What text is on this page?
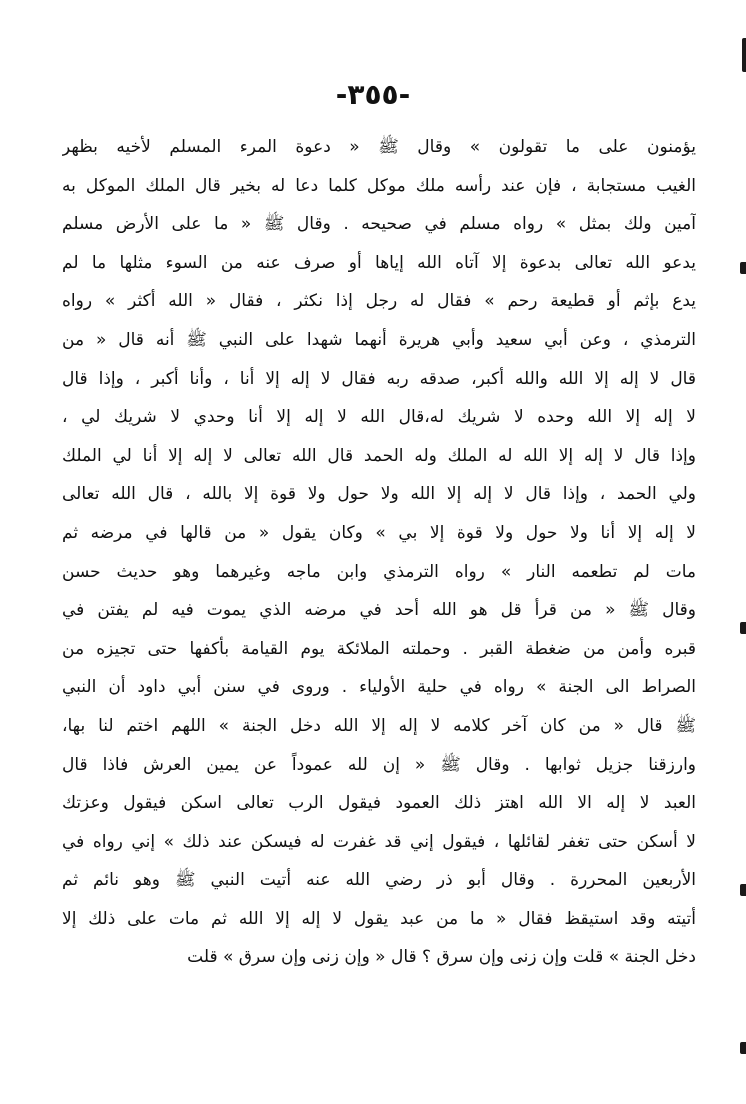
-٣٥٥-
يؤمنون على ما تقولون » وقال ﷺ « دعوة المرء المسلم لأخيه بظهر
الغيب مستجابة ، فإن عند رأسه ملك موكل كلما دعا له بخير قال الملك الموكل به
آمين ولك بمثل » رواه مسلم في صحيحه . وقال ﷺ « ما على الأرض مسلم
يدعو الله تعالى بدعوة إلا آتاه الله إياها أو صرف عنه من السوء مثلها ما لم
يدع بإثم أو قطيعة رحم » فقال له رجل إذا نكثر ، فقال « الله أكثر » رواه
الترمذي ، وعن أبي سعيد وأبي هريرة أنهما شهدا على النبي ﷺ أنه قال « من
قال لا إله إلا الله والله أكبر، صدقه ربه فقال لا إله إلا أنا ، وأنا أكبر ، وإذا قال
لا إله إلا الله وحده لا شريك له،قال الله لا إله إلا أنا وحدي لا شريك لي ،
وإذا قال لا إله إلا الله له الملك وله الحمد قال الله تعالى لا إله إلا أنا لي الملك
ولي الحمد ، وإذا قال لا إله إلا الله ولا حول ولا قوة إلا بالله ، قال الله تعالى
لا إله إلا أنا ولا حول ولا قوة إلا بي » وكان يقول « من قالها في مرضه ثم
مات لم تطعمه النار » رواه الترمذي وابن ماجه وغيرهما وهو حديث حسن
وقال ﷺ « من قرأ قل هو الله أحد في مرضه الذي يموت فيه لم يفتن في
قبره وأمن من ضغطة القبر . وحملته الملائكة يوم القيامة بأكفها حتى تجيزه من
الصراط الى الجنة » رواه في حلية الأولياء . وروى في سنن أبي داود أن النبي
ﷺ قال « من كان آخر كلامه لا إله إلا الله دخل الجنة » اللهم اختم لنا بها،
وارزقنا جزيل ثوابها . وقال ﷺ « إن لله عموداً عن يمين العرش فاذا قال
العبد لا إله الا الله اهتز ذلك العمود فيقول الرب تعالى اسكن فيقول وعزتك
لا أسكن حتى تغفر لقائلها ، فيقول إني قد غفرت له فيسكن عند ذلك » إني رواه في
الأربعين المحررة . وقال أبو ذر رضي الله عنه أتيت النبي ﷺ وهو نائم ثم
أتيته وقد استيقظ فقال « ما من عبد يقول لا إله إلا الله ثم مات على ذلك إلا
دخل الجنة » قلت وإن زنى وإن سرق ؟ قال « وإن زنى وإن سرق » قلت
